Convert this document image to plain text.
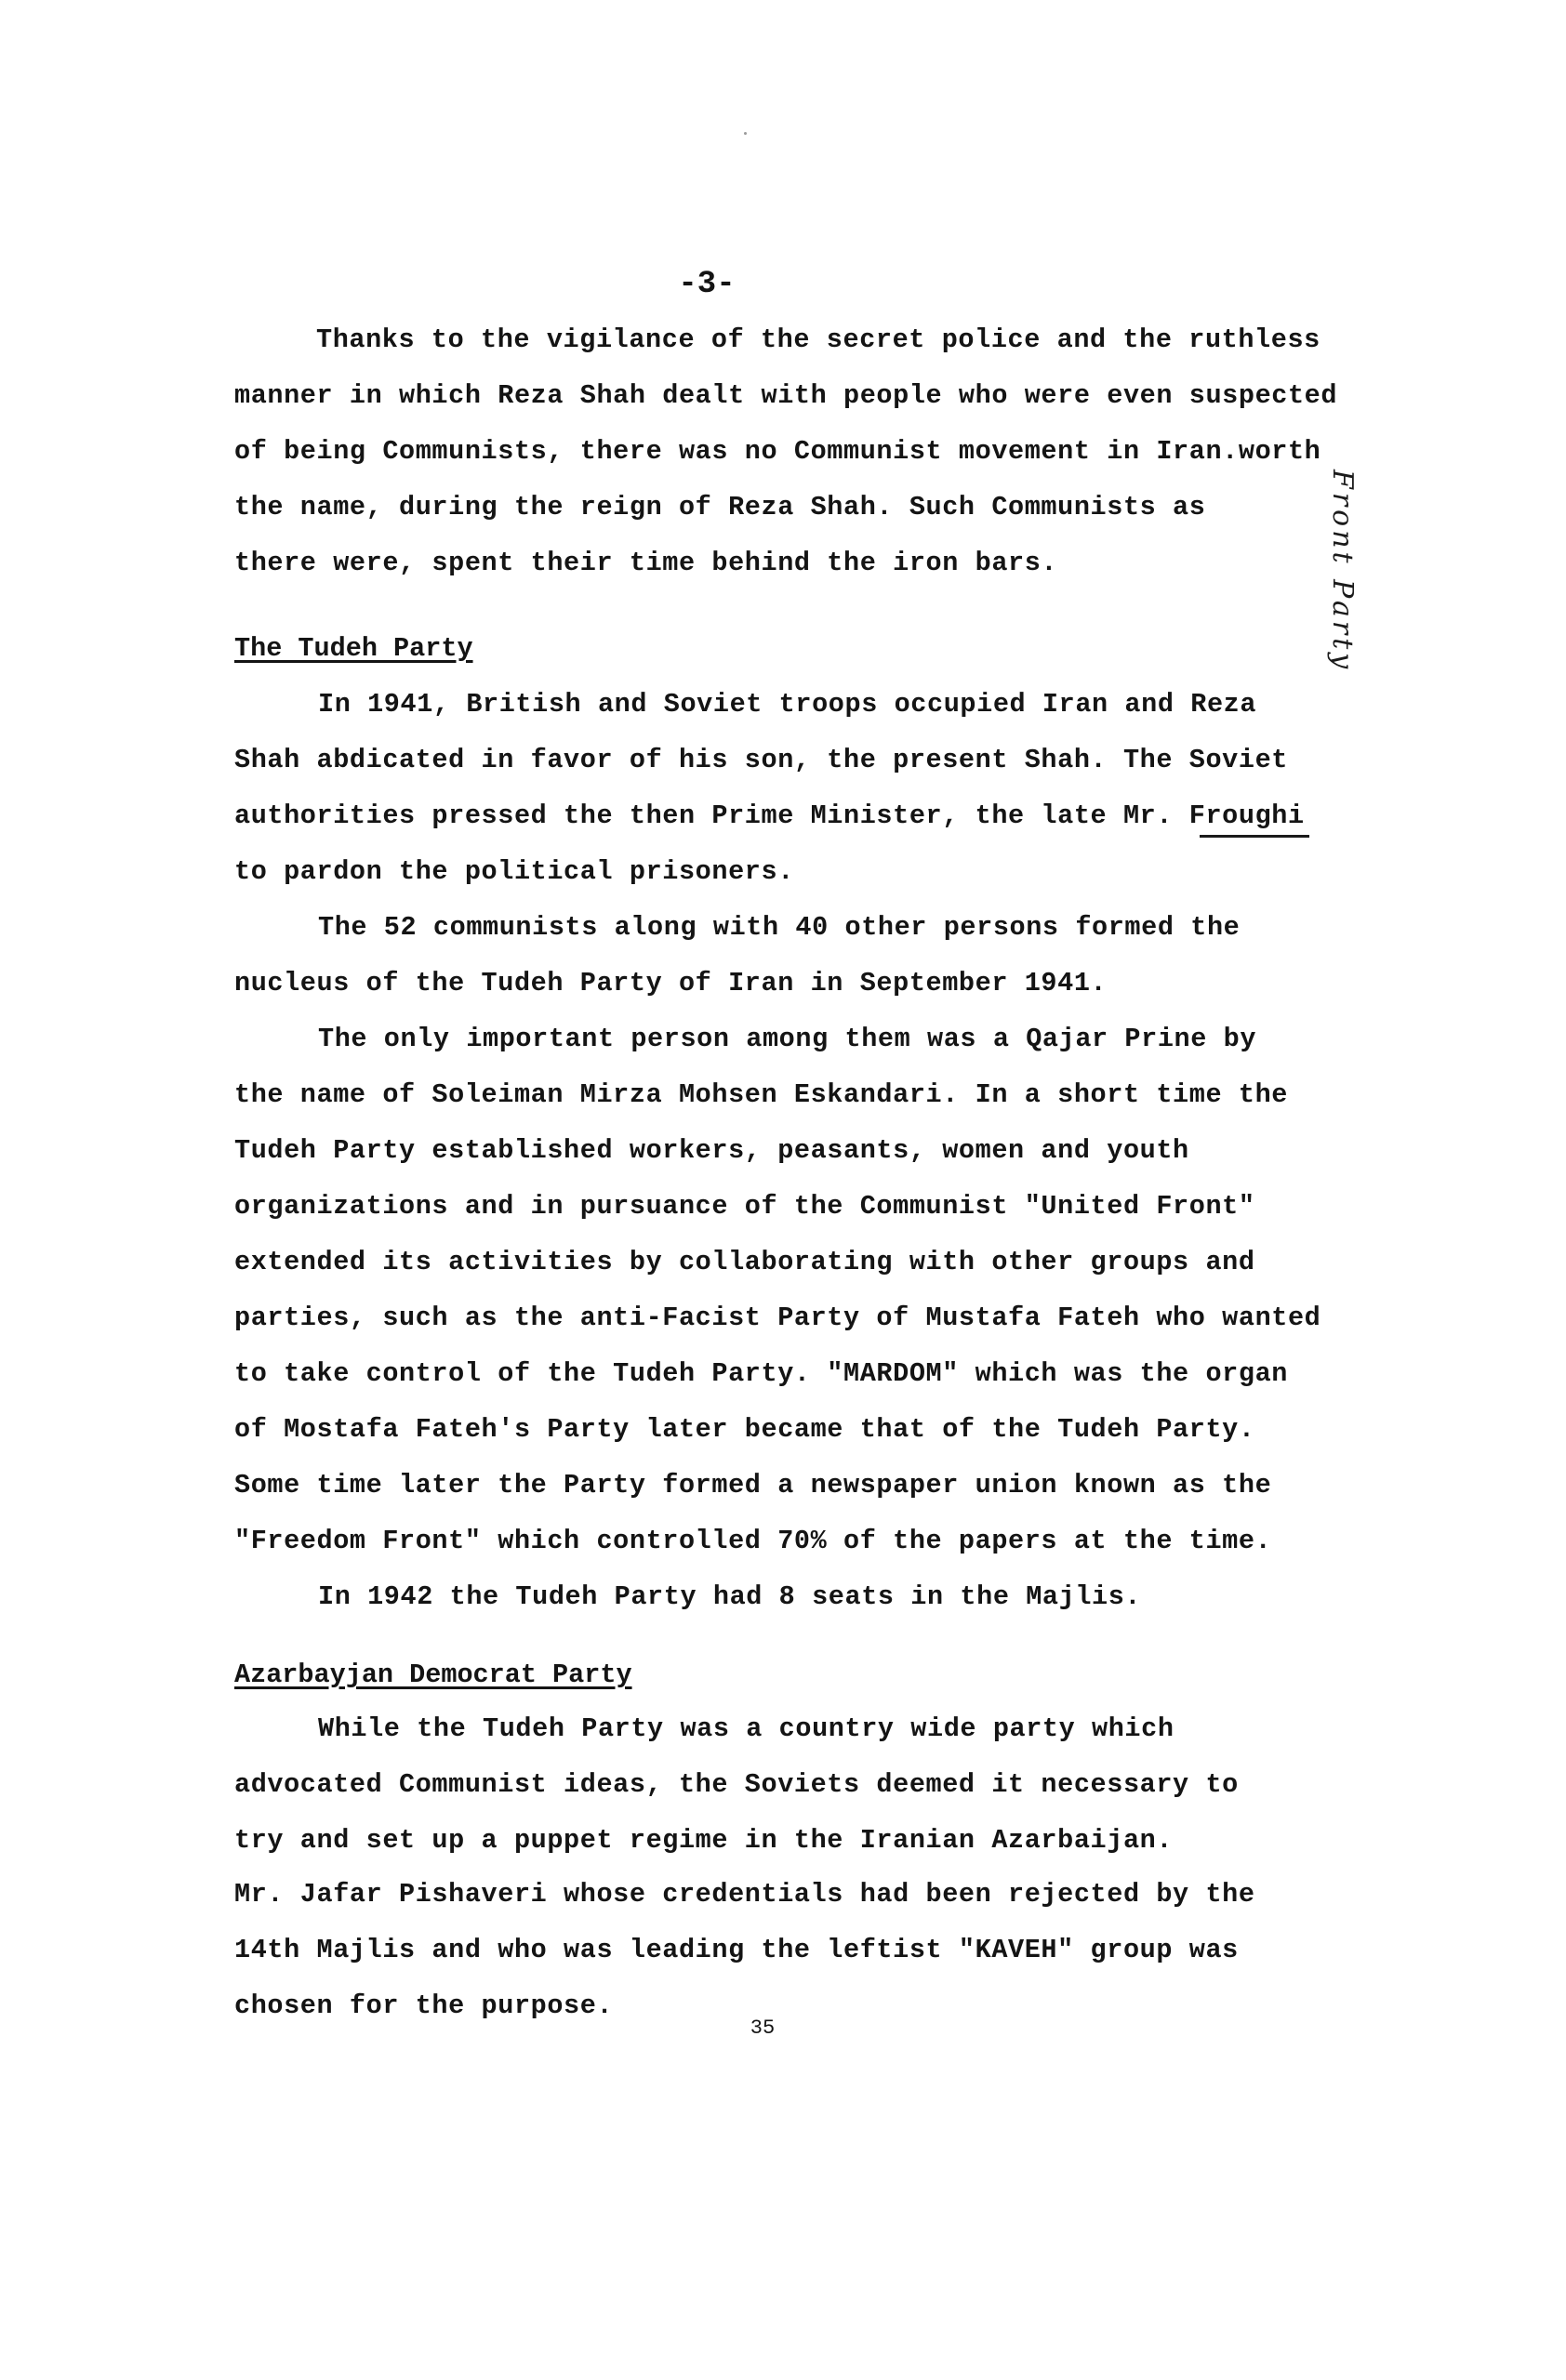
-3-
Thanks to the vigilance of the secret police and the ruthless
manner in which Reza Shah dealt with people who were even suspected
of being Communists, there was no Communist movement in Iran.worth
the name, during the reign of Reza Shah. Such Communists as
there were, spent their time behind the iron bars.
The Tudeh Party
In 1941, British and Soviet troops occupied Iran and Reza
Shah abdicated in favor of his son, the present Shah. The Soviet
authorities pressed the then Prime Minister, the late Mr. Froughi
to pardon the political prisoners.
The 52 communists along with 40 other persons formed the
nucleus of the Tudeh Party of Iran in September 1941.
The only important person among them was a Qajar Prine by
the name of Soleiman Mirza Mohsen Eskandari. In a short time the
Tudeh Party established workers, peasants, women and youth
organizations and in pursuance of the Communist "United Front"
extended its activities by collaborating with other groups and
parties, such as the anti-Facist Party of Mustafa Fateh who wanted
to take control of the Tudeh Party. "MARDOM" which was the organ
of Mostafa Fateh's Party later became that of the Tudeh Party.
Some time later the Party formed a newspaper union known as the
"Freedom Front" which controlled 70% of the papers at the time.
In 1942 the Tudeh Party had 8 seats in the Majlis.
Azarbayjan Democrat Party
While the Tudeh Party was a country wide party which
advocated Communist ideas, the Soviets deemed it necessary to
try and set up a puppet regime in the Iranian Azarbaijan.
Mr. Jafar Pishaveri whose credentials had been rejected by the
14th Majlis and who was leading the leftist "KAVEH" group was
chosen for the purpose.
35
Front Party
